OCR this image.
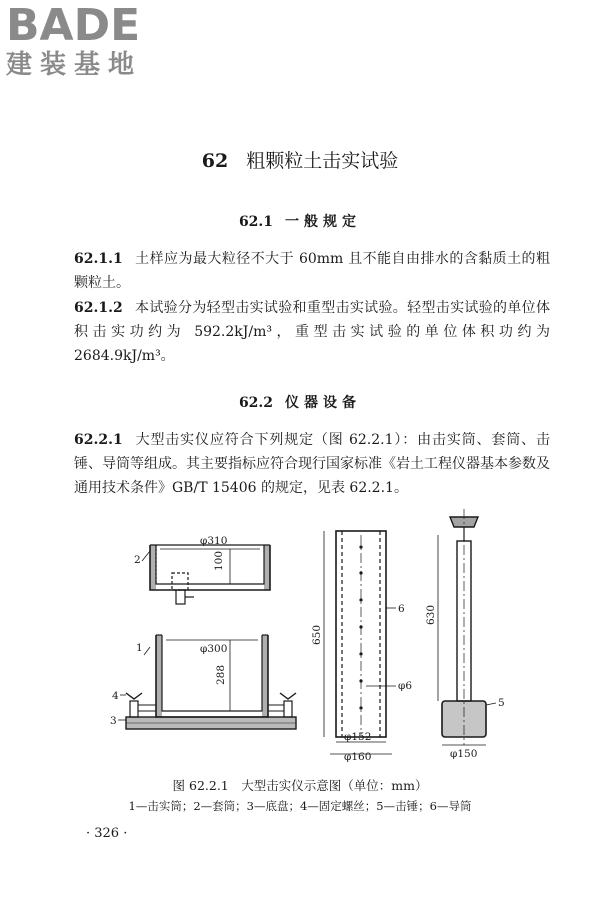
BADE
建装基地
62 粗颗粒土击实试验
62.1 一般规定
62.1.1 土样应为最大粒径不大于 60mm 且不能自由排水的含黏质土的粗颗粒土。
62.1.2 本试验分为轻型击实试验和重型击实试验。轻型击实试验的单位体积击实功约为 592.2kJ/m³，重型击实试验的单位体积功约为 2684.9kJ/m³。
62.2 仪器设备
62.2.1 大型击实仪应符合下列规定（图 62.2.1）：由击实筒、套筒、击锤、导筒等组成。其主要指标应符合现行国家标准《岩土工程仪器基本参数及通用技术条件》GB/T 15406 的规定，见表 62.2.1。
φ310
100
φ300
288
650
φ6
φ152
φ160
630
φ150
2
1
4
3
6
5
图 62.2.1　大型击实仪示意图（单位：mm）
1—击实筒；2—套筒；3—底盘；4—固定螺丝；5—击锤；6—导筒
· 326 ·
